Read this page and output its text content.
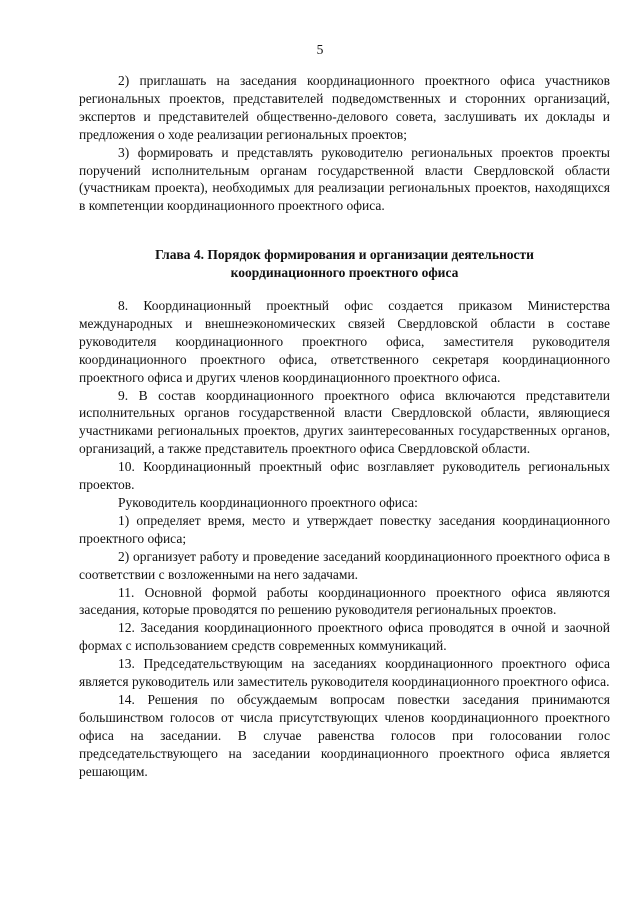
5

2) приглашать на заседания координационного проектного офиса участников региональных проектов, представителей подведомственных и сторонних организаций, экспертов и представителей общественно-делового совета, заслушивать их доклады и предложения о ходе реализации региональных проектов;

3) формировать и представлять руководителю региональных проектов проекты поручений исполнительным органам государственной власти Свердловской области (участникам проекта), необходимых для реализации региональных проектов, находящихся в компетенции координационного проектного офиса.

Глава 4. Порядок формирования и организации деятельности
координационного проектного офиса

8. Координационный проектный офис создается приказом Министерства международных и внешнеэкономических связей Свердловской области в составе руководителя координационного проектного офиса, заместителя руководителя координационного проектного офиса, ответственного секретаря координационного проектного офиса и других членов координационного проектного офиса.

9. В состав координационного проектного офиса включаются представители исполнительных органов государственной власти Свердловской области, являющиеся участниками региональных проектов, других заинтересованных государственных органов, организаций, а также представитель проектного офиса Свердловской области.

10. Координационный проектный офис возглавляет руководитель региональных проектов.

Руководитель координационного проектного офиса:

1) определяет время, место и утверждает повестку заседания координационного проектного офиса;

2) организует работу и проведение заседаний координационного проектного офиса в соответствии с возложенными на него задачами.

11. Основной формой работы координационного проектного офиса являются заседания, которые проводятся по решению руководителя региональных проектов.

12. Заседания координационного проектного офиса проводятся в очной и заочной формах с использованием средств современных коммуникаций.

13. Председательствующим на заседаниях координационного проектного офиса является руководитель или заместитель руководителя координационного проектного офиса.

14. Решения по обсуждаемым вопросам повестки заседания принимаются большинством голосов от числа присутствующих членов координационного проектного офиса на заседании. В случае равенства голосов при голосовании голос председательствующего на заседании координационного проектного офиса является решающим.
